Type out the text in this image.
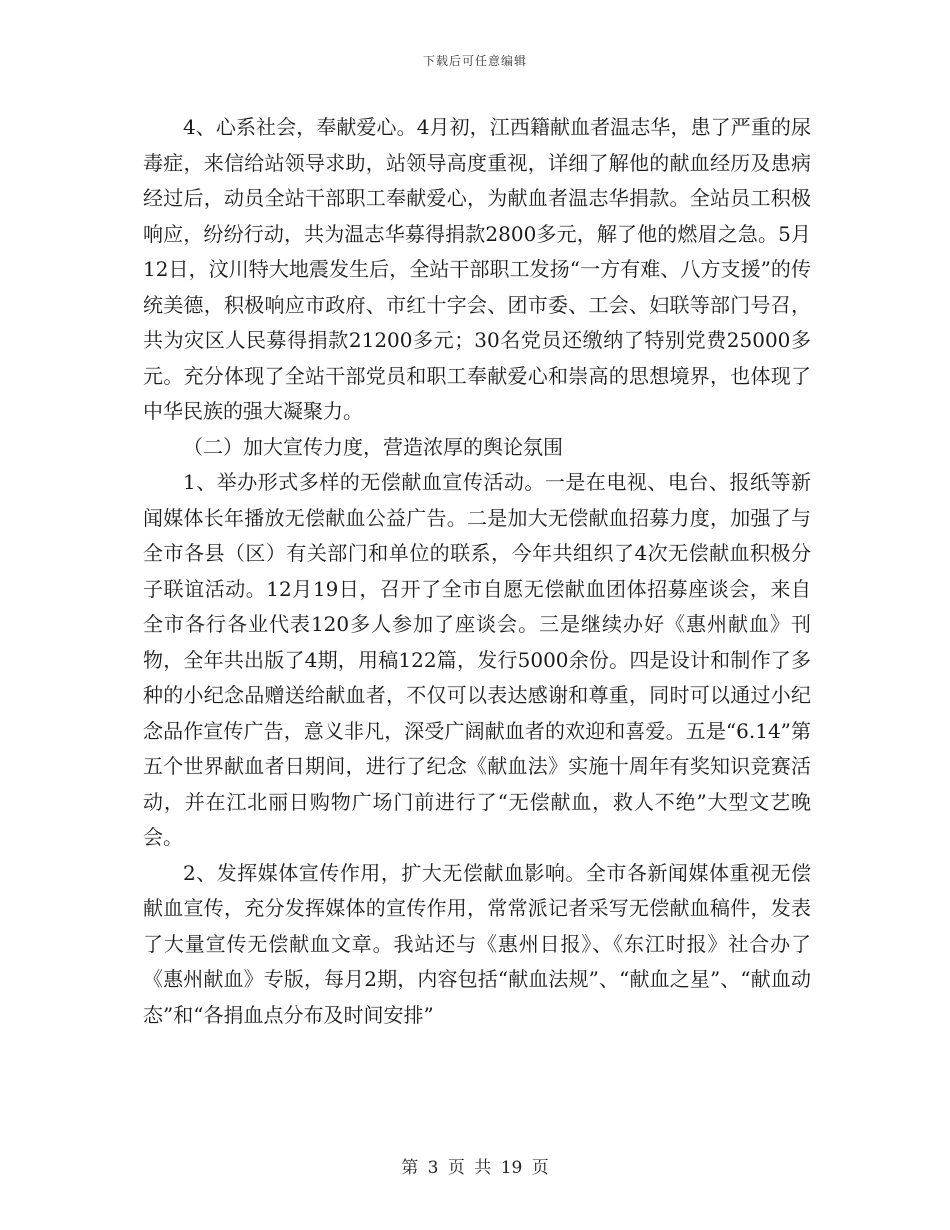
下载后可任意编辑

4、心系社会，奉献爱心。4月初，江西籍献血者温志华，患了严重的尿毒症，来信给站领导求助，站领导高度重视，详细了解他的献血经历及患病经过后，动员全站干部职工奉献爱心，为献血者温志华捐款。全站员工积极响应，纷纷行动，共为温志华募得捐款2800多元，解了他的燃眉之急。5月12日，汶川特大地震发生后，全站干部职工发扬“一方有难、八方支援”的传统美德，积极响应市政府、市红十字会、团市委、工会、妇联等部门号召，共为灾区人民募得捐款21200多元；30名党员还缴纳了特别党费25000多元。充分体现了全站干部党员和职工奉献爱心和崇高的思想境界，也体现了中华民族的强大凝聚力。

（二）加大宣传力度，营造浓厚的舆论氛围

1、举办形式多样的无偿献血宣传活动。一是在电视、电台、报纸等新闻媒体长年播放无偿献血公益广告。二是加大无偿献血招募力度，加强了与全市各县（区）有关部门和单位的联系，今年共组织了4次无偿献血积极分子联谊活动。12月19日，召开了全市自愿无偿献血团体招募座谈会，来自全市各行各业代表120多人参加了座谈会。三是继续办好《惠州献血》刊物，全年共出版了4期，用稿122篇，发行5000余份。四是设计和制作了多种的小纪念品赠送给献血者，不仅可以表达感谢和尊重，同时可以通过小纪念品作宣传广告，意义非凡，深受广阔献血者的欢迎和喜爱。五是“6.14”第五个世界献血者日期间，进行了纪念《献血法》实施十周年有奖知识竞赛活动，并在江北丽日购物广场门前进行了“无偿献血，救人不绝”大型文艺晚会。

2、发挥媒体宣传作用，扩大无偿献血影响。全市各新闻媒体重视无偿献血宣传，充分发挥媒体的宣传作用，常常派记者采写无偿献血稿件，发表了大量宣传无偿献血文章。我站还与《惠州日报》、《东江时报》社合办了《惠州献血》专版，每月2期，内容包括“献血法规”、“献血之星”、“献血动态”和“各捐血点分布及时间安排”

第 3 页 共 19 页
